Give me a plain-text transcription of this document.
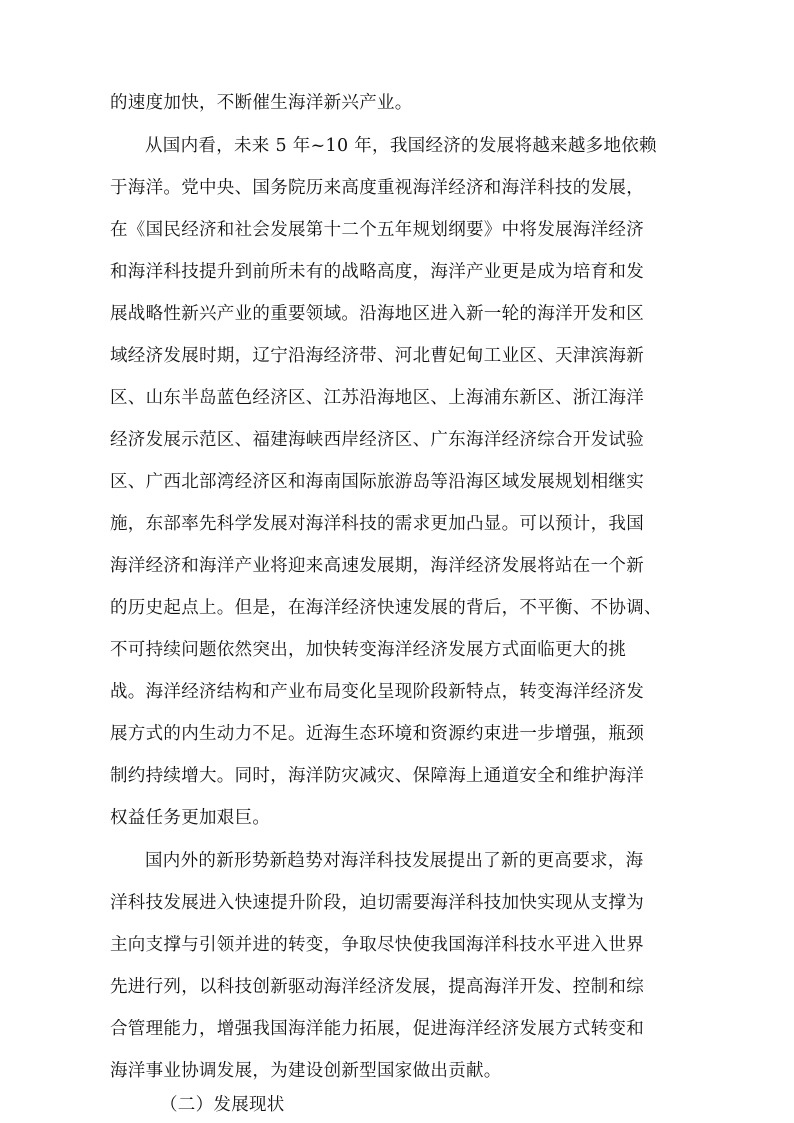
的速度加快，不断催生海洋新兴产业。
从国内看，未来 5 年~10 年，我国经济的发展将越来越多地依赖
于海洋。党中央、国务院历来高度重视海洋经济和海洋科技的发展，
在《国民经济和社会发展第十二个五年规划纲要》中将发展海洋经济
和海洋科技提升到前所未有的战略高度，海洋产业更是成为培育和发
展战略性新兴产业的重要领域。沿海地区进入新一轮的海洋开发和区
域经济发展时期，辽宁沿海经济带、河北曹妃甸工业区、天津滨海新
区、山东半岛蓝色经济区、江苏沿海地区、上海浦东新区、浙江海洋
经济发展示范区、福建海峡西岸经济区、广东海洋经济综合开发试验
区、广西北部湾经济区和海南国际旅游岛等沿海区域发展规划相继实
施，东部率先科学发展对海洋科技的需求更加凸显。可以预计，我国
海洋经济和海洋产业将迎来高速发展期，海洋经济发展将站在一个新
的历史起点上。但是，在海洋经济快速发展的背后，不平衡、不协调、
不可持续问题依然突出，加快转变海洋经济发展方式面临更大的挑
战。海洋经济结构和产业布局变化呈现阶段新特点，转变海洋经济发
展方式的内生动力不足。近海生态环境和资源约束进一步增强，瓶颈
制约持续增大。同时，海洋防灾减灾、保障海上通道安全和维护海洋
权益任务更加艰巨。
国内外的新形势新趋势对海洋科技发展提出了新的更高要求，海
洋科技发展进入快速提升阶段，迫切需要海洋科技加快实现从支撑为
主向支撑与引领并进的转变，争取尽快使我国海洋科技水平进入世界
先进行列，以科技创新驱动海洋经济发展，提高海洋开发、控制和综
合管理能力，增强我国海洋能力拓展，促进海洋经济发展方式转变和
海洋事业协调发展，为建设创新型国家做出贡献。
（二）发展现状
